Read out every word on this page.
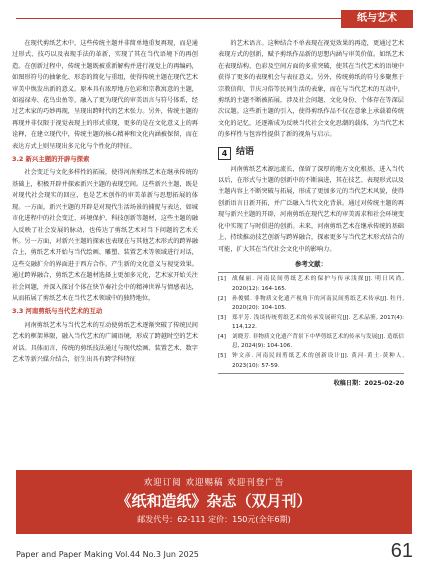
纸与艺术

在现代剪纸艺术中，这些传统主题并非简单地重复再现，而是通过形式、技巧以及表现手法的革新，实现了其在当代语境下的再创造。在创新过程中，传统主题既被重新解构并进行视觉上的再编码，如图形符号的抽象化、形态的简化与重组，使得传统主题在现代艺术审美中焕发出新的意义。原本具有浓厚地方色彩和宗教寓意的主题，如福禄寿、花鸟虫鱼等，融入了更为现代的审美语言与符号体系，经过艺术家的巧妙再现，呈现出跨时代的艺术张力。另外，传统主题的再现并非仅限于视觉表现上的形式重现，更多的是在文化意义上的再诠释，在建立现代中，传统主题的核心精神和文化内涵被保留，而在表达方式上则呈现出多元化与个性化的特征。

3.2 新兴主题的开辟与探索

社会变迁与文化多样性的拓展，使得河南剪纸艺术在继承传统的基础上，积极开辟并探索新兴主题的表现空间。这些新兴主题，既是对现代社会现实的回应，也是艺术创作的审美革新与思想拓展的体现。一方面，新兴主题的开辟是对现代生活场景的捕捉与表达，如城市化进程中的社会变迁、环境保护、科技创新等题材，这些主题的融入反映了社会发展的脉动，也传达了剪纸艺术对当下问题的艺术关怀。另一方面，对新兴主题的探索也表现在与其他艺术形式的跨界融合上，剪纸艺术开始与当代绘画、雕塑、装置艺术等领域进行对话，这些交融扩介的界面进于西方合作，产生新的文化意义与视觉效果。通过跨界融合，剪纸艺术在题材选择上更加多元化，艺术家开始关注社会问题，并深入探讨个体在快节奏社会中的精神世界与情感表达，从而拓展了剪纸艺术在当代艺术领域中的独特地位。

3.3 河南剪纸与当代艺术的互动

河南剪纸艺术与当代艺术的互动使剪纸艺术逐渐突破了传统民间艺术的框架界限，融入当代艺术的广阔语境，形成了跨越时空的艺术对话。具体而言，传统的剪纸技法通过与现代绘画、装置艺术、数字艺术等新兴媒介结合，衍生出具有跨学科特征

的艺术语言。这种结合不单表现在视觉效果的再造，更通过艺术表现方式的创新，赋予剪纸作品新的思想内涵与审美价值。如纸艺术在表现结构、色彩及空间方面的多重突破，使其在当代艺术的语境中获得了更多的表现机会与表征意义。另外，传统剪纸的符号多聚焦于宗教信仰、节庆习俗等民间生活的表象，而在与当代艺术的互动中，剪纸的主题不断被拓展，涉及社会问题、文化身份、个体存在等深层次议题。这些新主题的引入，使得剪纸作品不仅在意象上承载着传统文化的记忆，还逐渐成为反映当代社会文化思潮的载体，为当代艺术的多样性与包容性提供了新的视角与启示。

4 结语

河南剪纸艺术源远流长，保留了深厚的地方文化根基，进入当代以后，在形式与主题的创新中的不断演进，其在技艺、表现形式以及主题内容上不断突破与拓展，形成了更加多元的当代艺术风貌，使得创新语言日新开拓，并广泛融入当代文化背景。通过对传统主题的再现与新兴主题的开辟，河南剪纸在现代艺术的审美需求和社会环境变化中实现了与时俱进的创新。未来，河南剪纸艺术在继承传统的基础上，持续推动技艺创新与跨界融合，探索更多与当代艺术形式结合的可能，扩大其在当代社会文化中的影响力。

参考文献：
[1]	战佩丽. 河南民间剪纸艺术的保护与传承浅探[J]. 明日风尚, 2020(12): 164-165.
[2]	孙俊媛. 非物质文化遗产视角下的河南民间剪纸艺术传承[J]. 牡丹, 2020(20): 104-105.
[3]	郑平芳. 浅谈传统剪纸艺术的传承发展研究[J]. 艺术品鉴, 2017(4): 114,122.
[4]	刘晓芳. 非物质文化遗产背景下中华剪纸艺术的传承与发展[J]. 造纸信息, 2024(9): 104-106.
[5]	钟文彦. 河南民间剪纸艺术的创新设计[J]. 黄河·黄土·黄种人, 2023(10): 57-59.
收稿日期：2025-02-20
欢迎订阅 欢迎赐稿 欢迎刊登广告
《纸和造纸》杂志（双月刊）
邮发代号：62-111 定价：150元(全年6期)
Paper and Paper Making Vol.44 No.3 Jun 2025	61
